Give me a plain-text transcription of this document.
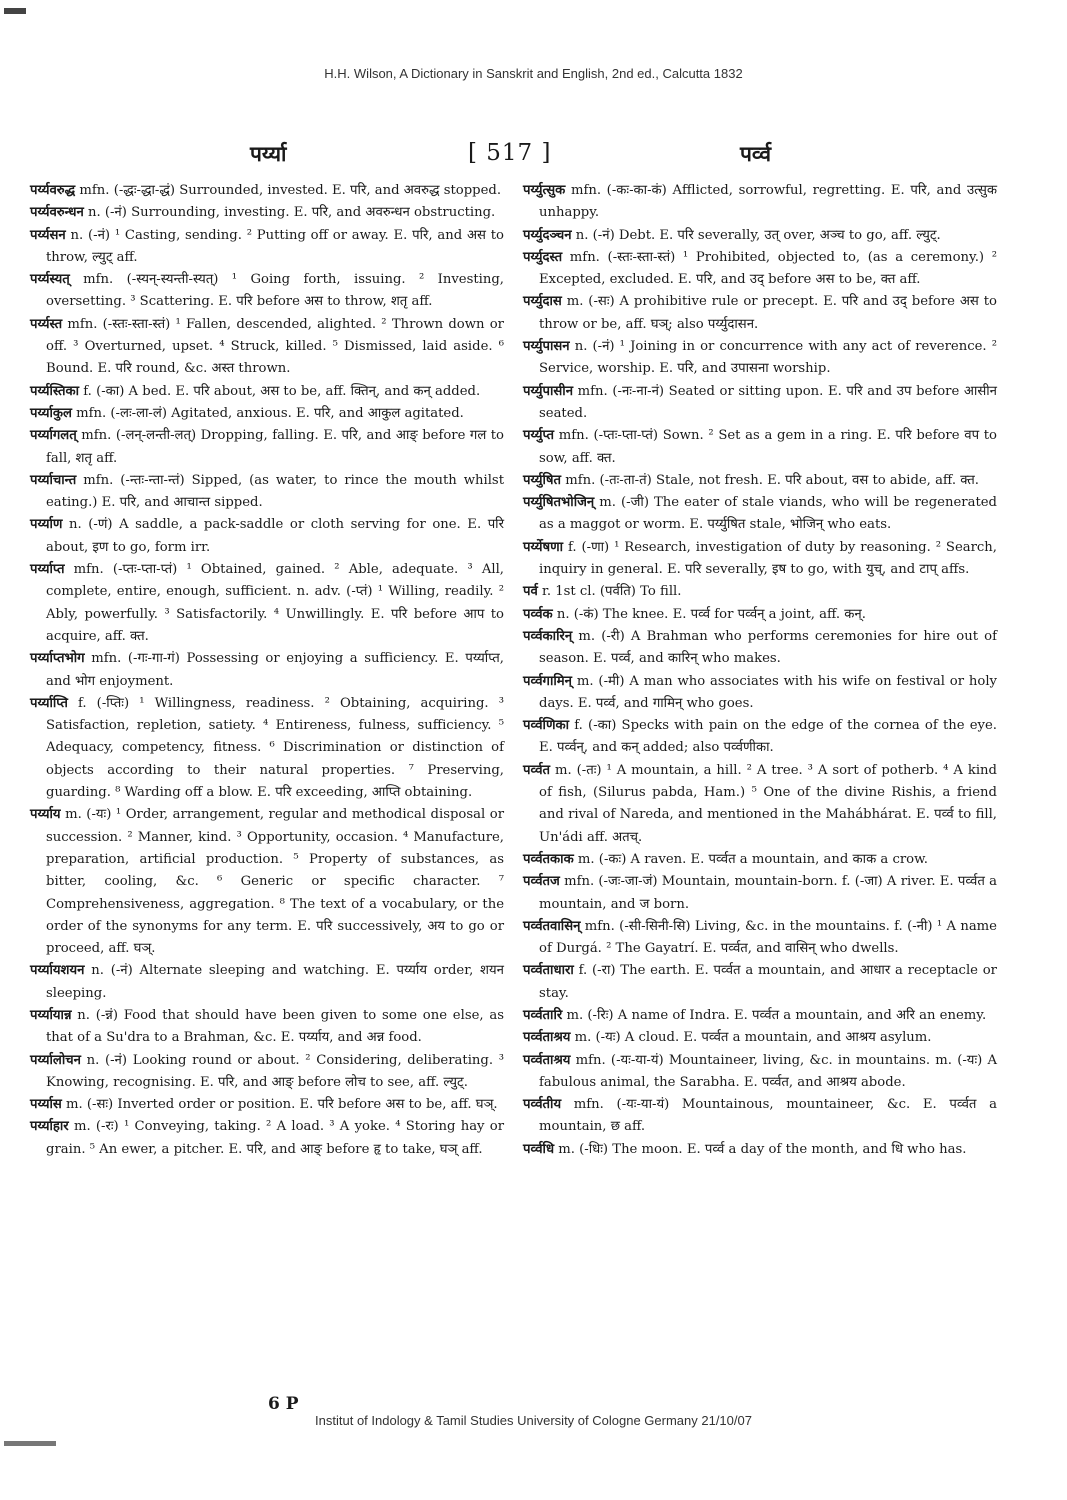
H.H. Wilson, A Dictionary in Sanskrit and English, 2nd ed., Calcutta 1832
पर्य्या	[ 517 ]	पर्व्व
पर्य्यवरुद्ध mfn. (-द्धः-द्धा-द्धं) Surrounded, invested. E. परि, and अवरुद्ध stopped.
पर्य्यवरुन्धन n. (-नं) Surrounding, investing. E. परि, and अवरुन्धन obstructing.
पर्य्यसन n. (-नं) ¹ Casting, sending. ² Putting off or away. E. परि, and अस to throw, ल्युट् aff.
पर्य्यस्यत् mfn. (-स्यन्-स्यन्ती-स्यत्) ¹ Going forth, issuing. ² Investing, oversetting. ³ Scattering. E. परि before अस to throw, शतृ aff.
पर्य्यस्त mfn. (-स्तः-स्ता-स्तं) ¹ Fallen, descended, alighted. ² Thrown down or off. ³ Overturned, upset. ⁴ Struck, killed. ⁵ Dismissed, laid aside. ⁶ Bound. E. परि round, &c. अस्त thrown.
पर्य्यस्तिका f. (-का) A bed. E. परि about, अस to be, aff. क्तिन्, and कन् added.
पर्य्याकुल mfn. (-लः-ला-लं) Agitated, anxious. E. परि, and आकुल agitated.
पर्य्यागलत् mfn. (-लन्-लन्ती-लत्) Dropping, falling. E. परि, and आङ् before गल to fall, शतृ aff.
पर्य्याचान्त mfn. (-न्तः-न्ता-न्तं) Sipped, (as water, to rince the mouth whilst eating.) E. परि, and आचान्त sipped.
पर्य्याण n. (-णं) A saddle, a pack-saddle or cloth serving for one. E. परि about, इण to go, form irr.
पर्य्याप्त mfn. (-प्तः-प्ता-प्तं) ¹ Obtained, gained. ² Able, adequate. ³ All, complete, entire, enough, sufficient. n. adv. (-प्तं) ¹ Willing, readily. ² Ably, powerfully. ³ Satisfactorily. ⁴ Unwillingly. E. परि before आप to acquire, aff. क्त.
पर्य्याप्तभोग mfn. (-गः-गा-गं) Possessing or enjoying a sufficiency. E. पर्य्याप्त, and भोग enjoyment.
पर्य्याप्ति f. (-प्तिः) ¹ Willingness, readiness. ² Obtaining, acquiring. ³ Satisfaction, repletion, satiety. ⁴ Entireness, fulness, sufficiency. ⁵ Adequacy, competency, fitness. ⁶ Discrimination or distinction of objects according to their natural properties. ⁷ Preserving, guarding. ⁸ Warding off a blow. E. परि exceeding, आप्ति obtaining.
पर्य्याय m. (-यः) ¹ Order, arrangement, regular and methodical disposal or succession. ² Manner, kind. ³ Opportunity, occasion. ⁴ Manufacture, preparation, artificial production. ⁵ Property of substances, as bitter, cooling, &c. ⁶ Generic or specific character. ⁷ Comprehensiveness, aggregation. ⁸ The text of a vocabulary, or the order of the synonyms for any term. E. परि successively, अय to go or proceed, aff. घञ्.
पर्य्यायशयन n. (-नं) Alternate sleeping and watching. E. पर्य्याय order, शयन sleeping.
पर्य्यायान्न n. (-न्नं) Food that should have been given to some one else, as that of a Su'dra to a Brahman, &c. E. पर्य्याय, and अन्न food.
पर्य्यालोचन n. (-नं) Looking round or about. ² Considering, deliberating. ³ Knowing, recognising. E. परि, and आङ् before लोच to see, aff. ल्युट्.
पर्य्यास m. (-सः) Inverted order or position. E. परि before अस to be, aff. घञ्.
पर्य्याहार m. (-रः) ¹ Conveying, taking. ² A load. ³ A yoke. ⁴ Storing hay or grain. ⁵ An ewer, a pitcher. E. परि, and आङ् before हृ to take, घञ् aff.
पर्य्युत्सुक mfn. (-कः-का-कं) Afflicted, sorrowful, regretting. E. परि, and उत्सुक unhappy.
पर्य्युदञ्चन n. (-नं) Debt. E. परि severally, उत् over, अञ्च to go, aff. ल्युट्.
पर्य्युदस्त mfn. (-स्तः-स्ता-स्तं) ¹ Prohibited, objected to, (as a ceremony.) ² Excepted, excluded. E. परि, and उद् before अस to be, क्त aff.
पर्य्युदास m. (-सः) A prohibitive rule or precept. E. परि and उद् before अस to throw or be, aff. घञ्; also पर्य्युदासन.
पर्य्युपासन n. (-नं) ¹ Joining in or concurrence with any act of reverence. ² Service, worship. E. परि, and उपासना worship.
पर्य्युपासीन mfn. (-नः-ना-नं) Seated or sitting upon. E. परि and उप before आसीन seated.
पर्य्युप्त mfn. (-प्तः-प्ता-प्तं) Sown. ² Set as a gem in a ring. E. परि before वप to sow, aff. क्त.
पर्य्युषित mfn. (-तः-ता-तं) Stale, not fresh. E. परि about, वस to abide, aff. क्त.
पर्य्युषितभोजिन् m. (-जी) The eater of stale viands, who will be regenerated as a maggot or worm. E. पर्य्युषित stale, भोजिन् who eats.
पर्य्येषणा f. (-णा) ¹ Research, investigation of duty by reasoning. ² Search, inquiry in general. E. परि severally, इष to go, with युच्, and टाप् affs.
पर्व r. 1st cl. (पर्वति) To fill.
पर्व्वक n. (-कं) The knee. E. पर्व्व for पर्व्वन् a joint, aff. कन्.
पर्व्वकारिन् m. (-री) A Brahman who performs ceremonies for hire out of season. E. पर्व्व, and कारिन् who makes.
पर्व्वगामिन् m. (-मी) A man who associates with his wife on festival or holy days. E. पर्व्व, and गामिन् who goes.
पर्व्वणिका f. (-का) Specks with pain on the edge of the cornea of the eye. E. पर्व्वन्, and कन् added; also पर्व्वणीका.
पर्व्वत m. (-तः) ¹ A mountain, a hill. ² A tree. ³ A sort of potherb. ⁴ A kind of fish, (Silurus pabda, Ham.) ⁵ One of the divine Rishis, a friend and rival of Nareda, and mentioned in the Mahábhárat. E. पर्व्व to fill, Un'ádi aff. अतच्.
पर्व्वतकाक m. (-कः) A raven. E. पर्व्वत a mountain, and काक a crow.
पर्व्वतज mfn. (-जः-जा-जं) Mountain, mountain-born. f. (-जा) A river. E. पर्व्वत a mountain, and ज born.
पर्व्वतवासिन् mfn. (-सी-सिनी-सि) Living, &c. in the mountains. f. (-नी) ¹ A name of Durgá. ² The Gayatrí. E. पर्व्वत, and वासिन् who dwells.
पर्व्वताधारा f. (-रा) The earth. E. पर्व्वत a mountain, and आधार a receptacle or stay.
पर्व्वतारि m. (-रिः) A name of Indra. E. पर्व्वत a mountain, and अरि an enemy.
पर्व्वताश्रय m. (-यः) A cloud. E. पर्व्वत a mountain, and आश्रय asylum.
पर्व्वताश्रय mfn. (-यः-या-यं) Mountaineer, living, &c. in mountains. m. (-यः) A fabulous animal, the Sarabha. E. पर्व्वत, and आश्रय abode.
पर्व्वतीय mfn. (-यः-या-यं) Mountainous, mountaineer, &c. E. पर्व्वत a mountain, छ aff.
पर्व्वधि m. (-धिः) The moon. E. पर्व्व a day of the month, and धि who has.
6 P
Institut of Indology & Tamil Studies University of Cologne Germany 21/10/07
